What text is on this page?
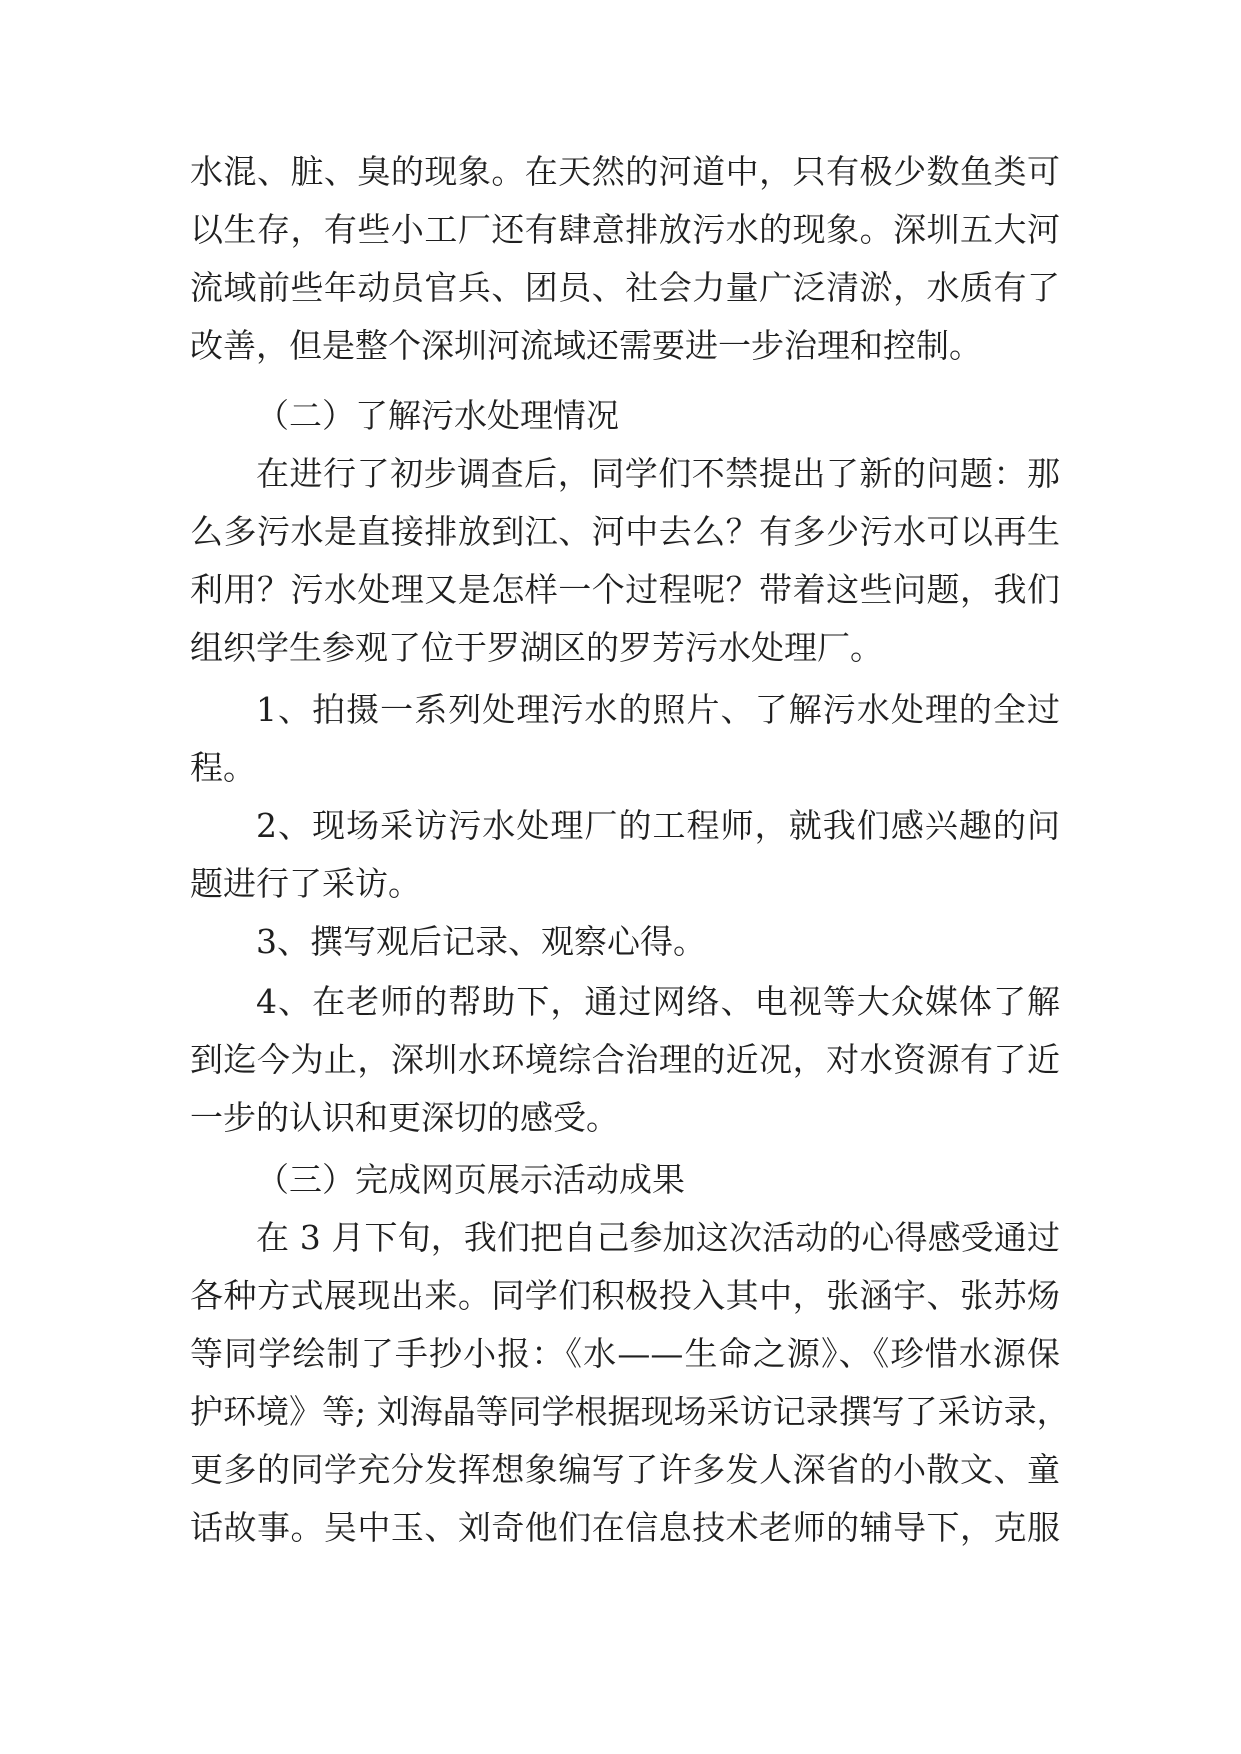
水混、脏、臭的现象。在天然的河道中，只有极少数鱼类可

以生存，有些小工厂还有肆意排放污水的现象。深圳五大河

流域前些年动员官兵、团员、社会力量广泛清淤，水质有了

改善，但是整个深圳河流域还需要进一步治理和控制。

（二）了解污水处理情况

在进行了初步调查后，同学们不禁提出了新的问题：那

么多污水是直接排放到江、河中去么？有多少污水可以再生

利用？污水处理又是怎样一个过程呢？带着这些问题，我们

组织学生参观了位于罗湖区的罗芳污水处理厂。

1、拍摄一系列处理污水的照片、了解污水处理的全过

程。

2、现场采访污水处理厂的工程师，就我们感兴趣的问

题进行了采访。

3、撰写观后记录、观察心得。

4、在老师的帮助下，通过网络、电视等大众媒体了解

到迄今为止，深圳水环境综合治理的近况，对水资源有了近

一步的认识和更深切的感受。

（三）完成网页展示活动成果

在 3 月下旬，我们把自己参加这次活动的心得感受通过

各种方式展现出来。同学们积极投入其中，张涵宇、张苏炀

等同学绘制了手抄小报：《水——生命之源》、《珍惜水源保

护环境》等; 刘海晶等同学根据现场采访记录撰写了采访录，

更多的同学充分发挥想象编写了许多发人深省的小散文、童

话故事。吴中玉、刘奇他们在信息技术老师的辅导下，克服
